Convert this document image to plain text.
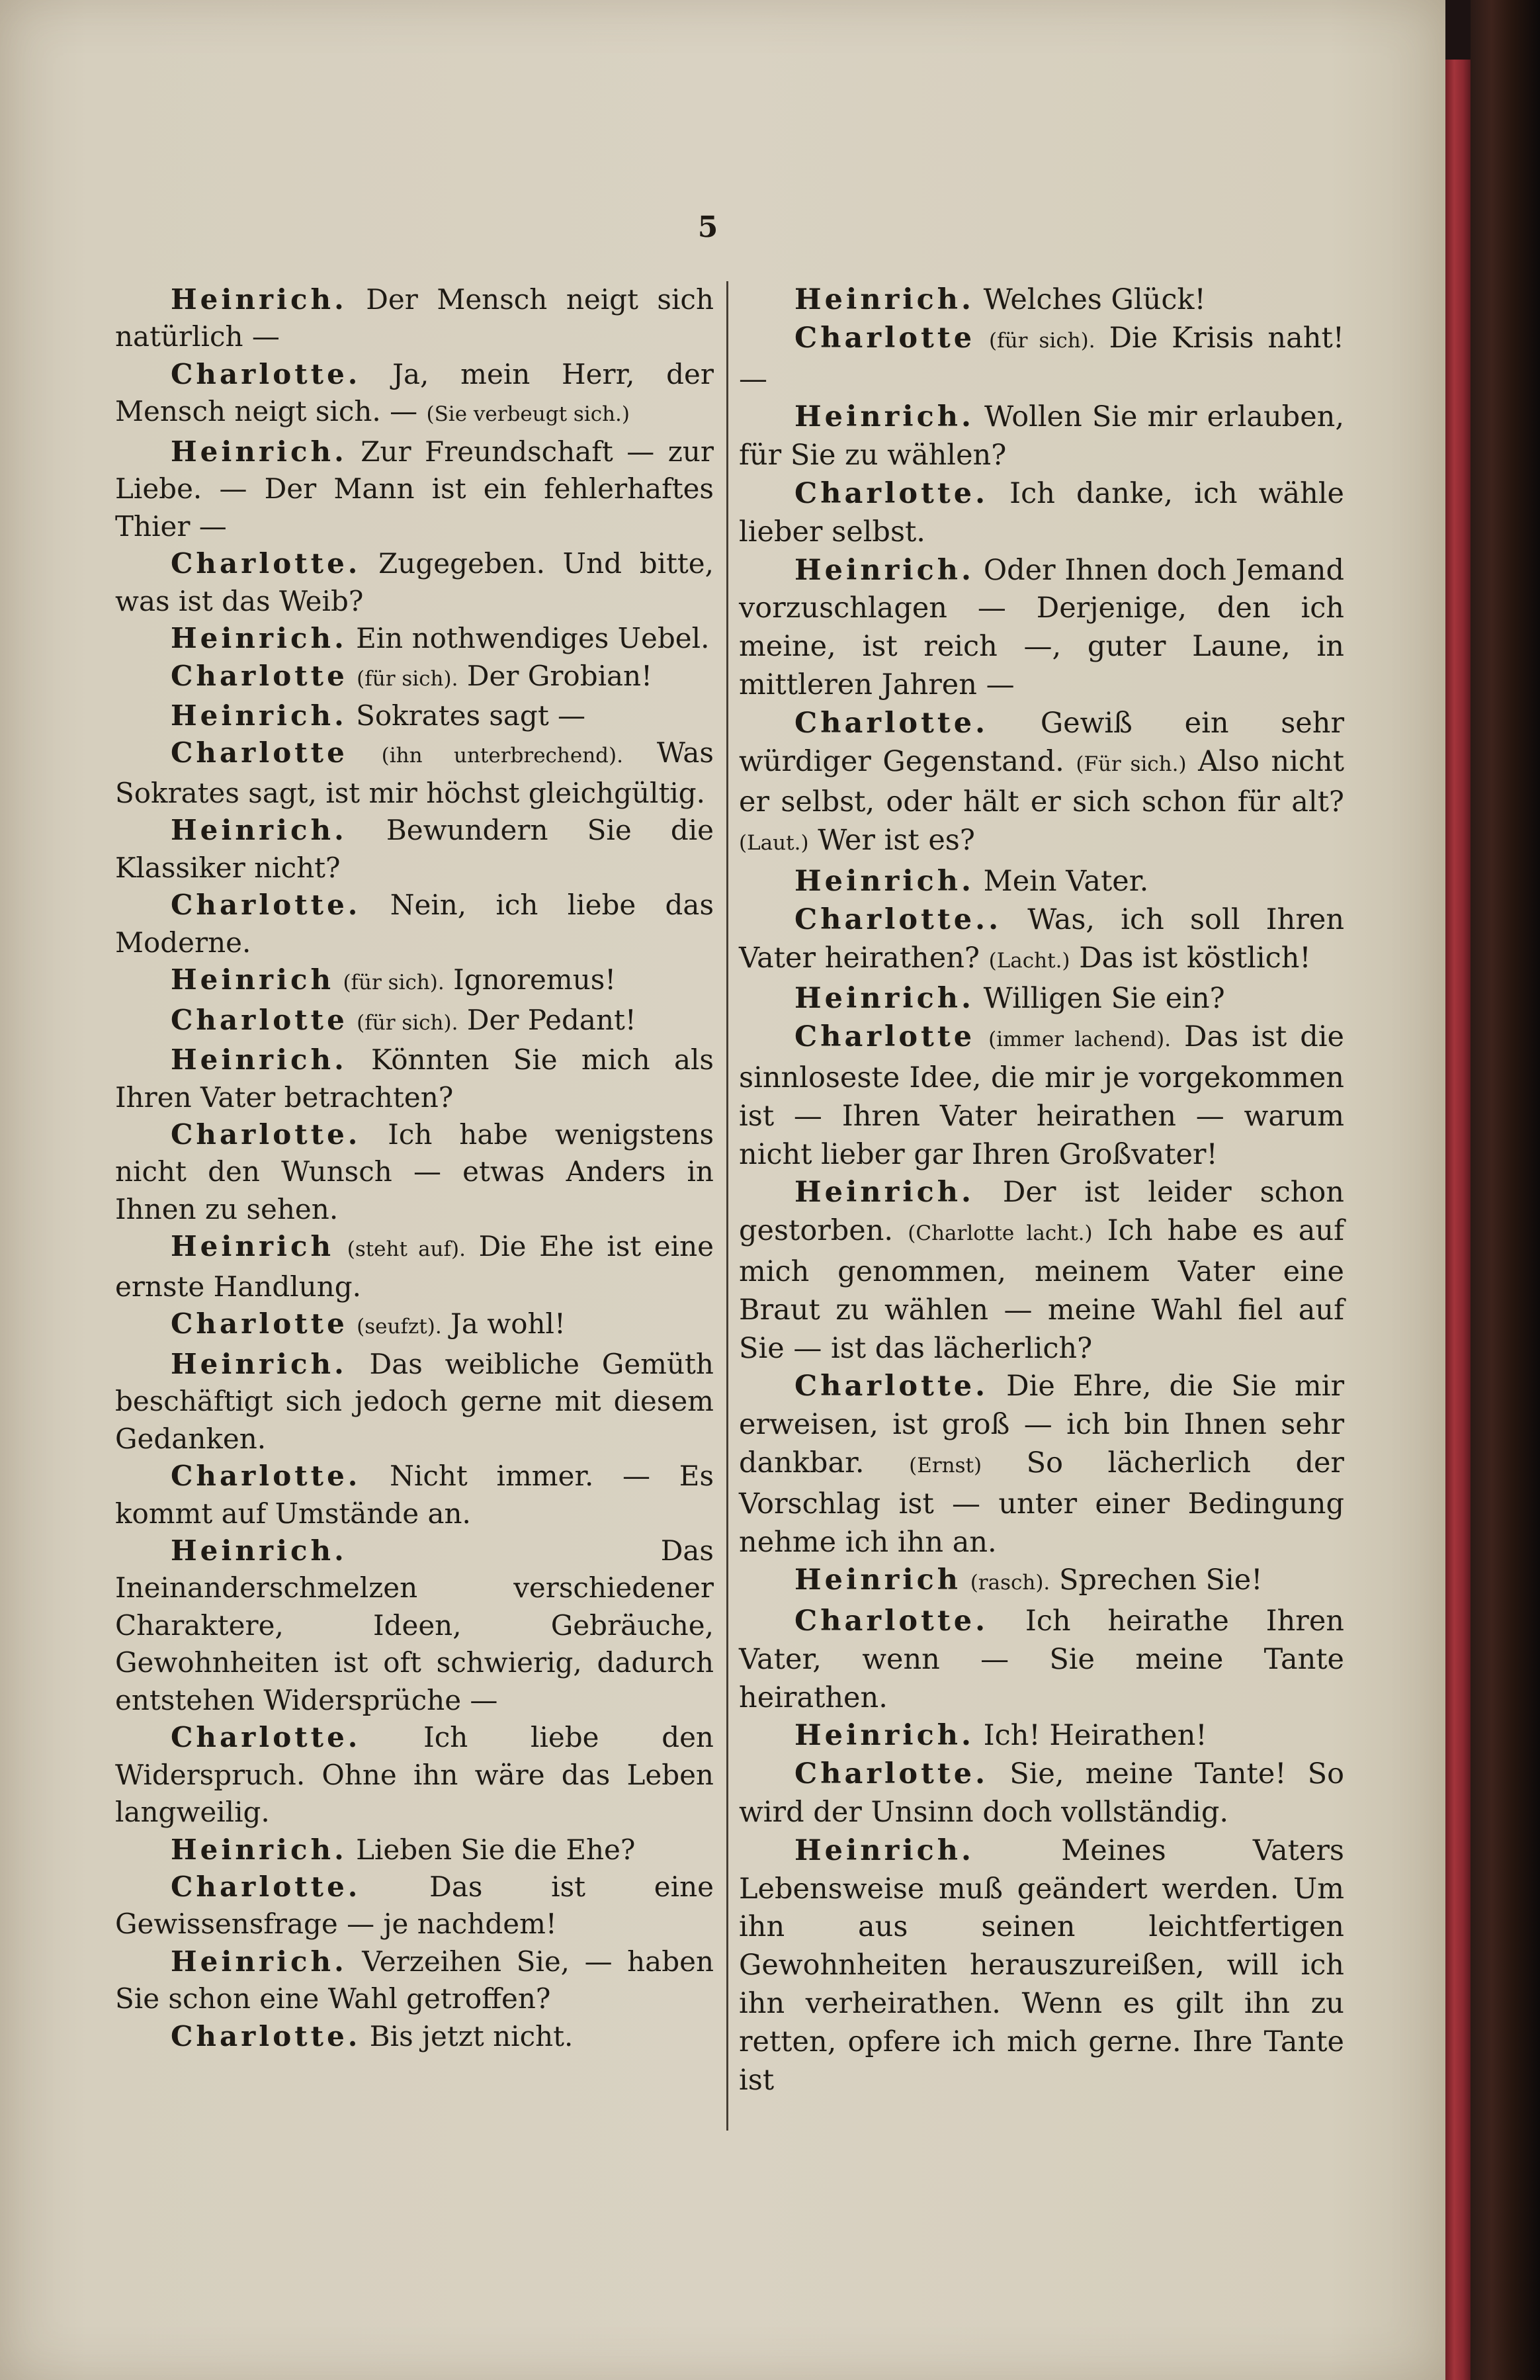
5

Heinrich. Der Mensch neigt sich natürlich —

Charlotte. Ja, mein Herr, der Mensch neigt sich. — (Sie verbeugt sich.)

Heinrich. Zur Freundschaft — zur Liebe. — Der Mann ist ein fehlerhaftes Thier —

Charlotte. Zugegeben. Und bitte, was ist das Weib?

Heinrich. Ein nothwendiges Uebel.

Charlotte (für sich). Der Grobian!

Heinrich. Sokrates sagt —

Charlotte (ihn unterbrechend). Was Sokrates sagt, ist mir höchst gleichgültig.

Heinrich. Bewundern Sie die Klassiker nicht?

Charlotte. Nein, ich liebe das Moderne.

Heinrich (für sich). Ignoremus!

Charlotte (für sich). Der Pedant!

Heinrich. Könnten Sie mich als Ihren Vater betrachten?

Charlotte. Ich habe wenigstens nicht den Wunsch — etwas Anders in Ihnen zu sehen.

Heinrich (steht auf). Die Ehe ist eine ernste Handlung.

Charlotte (seufzt). Ja wohl!

Heinrich. Das weibliche Gemüth beschäftigt sich jedoch gerne mit diesem Gedanken.

Charlotte. Nicht immer. — Es kommt auf Umstände an.

Heinrich.	Das Ineinanderschmelzen verschiedener Charaktere, Ideen, Gebräuche, Gewohnheiten ist oft schwierig, dadurch entstehen Widersprüche —

Charlotte. Ich liebe den Widerspruch. Ohne ihn wäre das Leben langweilig.

Heinrich. Lieben Sie die Ehe?

Charlotte. Das ist eine Gewissensfrage — je nachdem!

Heinrich. Verzeihen Sie, — haben Sie schon eine Wahl getroffen?

Charlotte. Bis jetzt nicht.

Heinrich. Welches Glück!

Charlotte (für sich). Die Krisis naht! —

Heinrich. Wollen Sie mir erlauben, für Sie zu wählen?

Charlotte. Ich danke, ich wähle lieber selbst.

Heinrich. Oder Ihnen doch Jemand vorzuschlagen — Derjenige, den ich meine, ist reich —, guter Laune, in mittleren Jahren —

Charlotte. Gewiß ein sehr würdiger Gegenstand. (Für sich.) Also nicht er selbst, oder hält er sich schon für alt? (Laut.) Wer ist es?

Heinrich. Mein Vater.

Charlotte.. Was, ich soll Ihren Vater heirathen? (Lacht.) Das ist köstlich!

Heinrich. Willigen Sie ein?

Charlotte (immer lachend). Das ist die sinnloseste Idee, die mir je vorgekommen ist — Ihren Vater heirathen — warum nicht lieber gar Ihren Großvater!

Heinrich. Der ist leider schon gestorben. (Charlotte lacht.) Ich habe es auf mich genommen, meinem Vater eine Braut zu wählen — meine Wahl fiel auf Sie — ist das lächerlich?

Charlotte. Die Ehre, die Sie mir erweisen, ist groß — ich bin Ihnen sehr dankbar. (Ernst) So lächerlich der Vorschlag ist — unter einer Bedingung nehme ich ihn an.

Heinrich (rasch). Sprechen Sie!

Charlotte. Ich heirathe Ihren Vater, wenn — Sie meine Tante heirathen.

Heinrich. Ich! Heirathen!

Charlotte. Sie, meine Tante! So wird der Unsinn doch vollständig.

Heinrich.	Meines Vaters Lebensweise muß geändert werden. Um ihn aus seinen leichtfertigen Gewohnheiten herauszureißen, will ich ihn verheirathen. Wenn es gilt ihn zu retten, opfere ich mich gerne. Ihre Tante ist
